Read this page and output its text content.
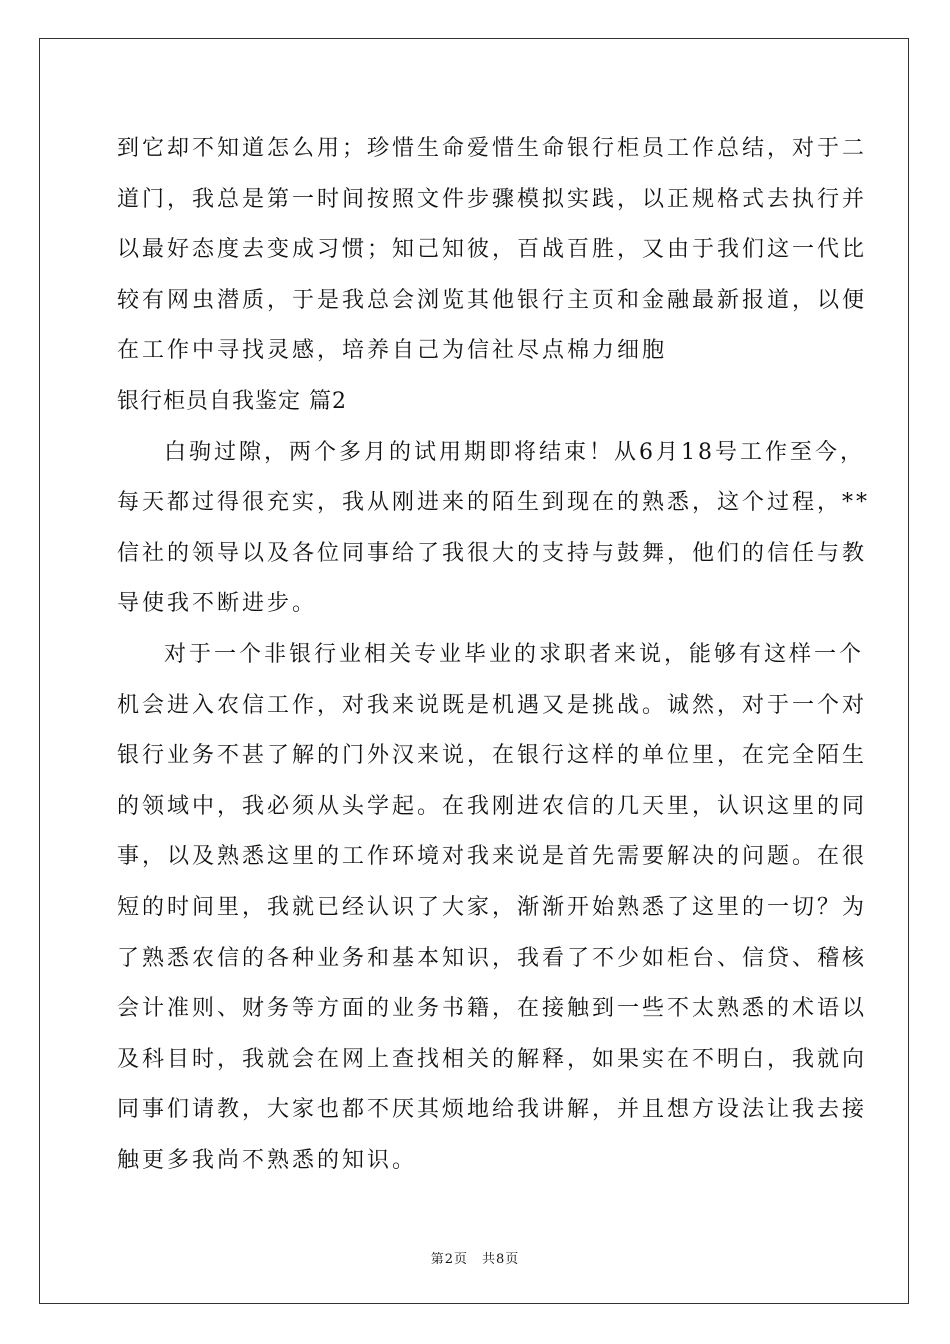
到它却不知道怎么用；珍惜生命爱惜生命银行柜员工作总结，对于二
道门，我总是第一时间按照文件步骤模拟实践，以正规格式去执行并
以最好态度去变成习惯；知己知彼，百战百胜，又由于我们这一代比
较有网虫潜质，于是我总会浏览其他银行主页和金融最新报道，以便
在工作中寻找灵感，培养自己为信社尽点棉力细胞
银行柜员自我鉴定 篇2
白驹过隙，两个多月的试用期即将结束！从6月18号工作至今，
每天都过得很充实，我从刚进来的陌生到现在的熟悉，这个过程，**
信社的领导以及各位同事给了我很大的支持与鼓舞，他们的信任与教
导使我不断进步。
对于一个非银行业相关专业毕业的求职者来说，能够有这样一个
机会进入农信工作，对我来说既是机遇又是挑战。诚然，对于一个对
银行业务不甚了解的门外汉来说，在银行这样的单位里，在完全陌生
的领域中，我必须从头学起。在我刚进农信的几天里，认识这里的同
事，以及熟悉这里的工作环境对我来说是首先需要解决的问题。在很
短的时间里，我就已经认识了大家，渐渐开始熟悉了这里的一切？为
了熟悉农信的各种业务和基本知识，我看了不少如柜台、信贷、稽核
会计准则、财务等方面的业务书籍，在接触到一些不太熟悉的术语以
及科目时，我就会在网上查找相关的解释，如果实在不明白，我就向
同事们请教，大家也都不厌其烦地给我讲解，并且想方设法让我去接
触更多我尚不熟悉的知识。
第2页　共8页
